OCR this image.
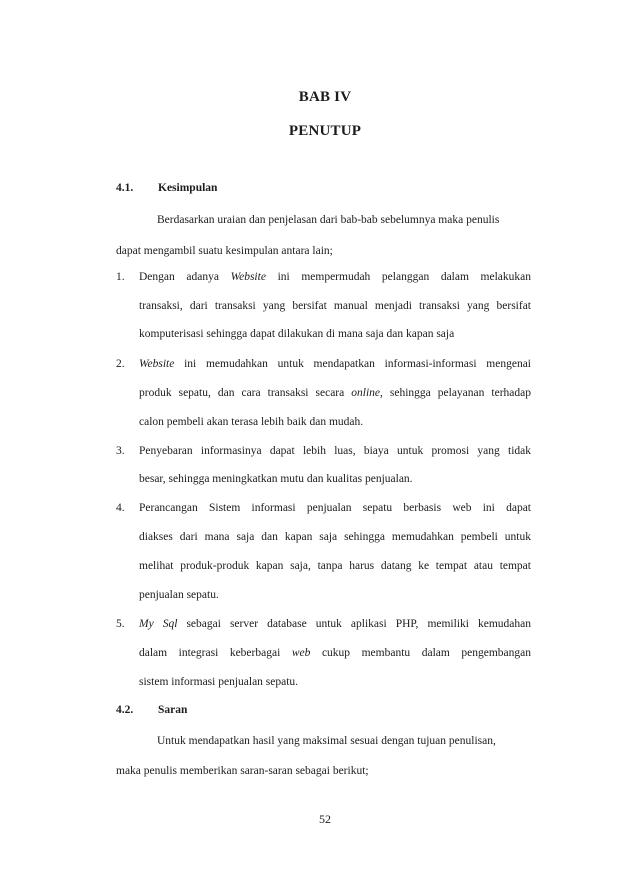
BAB IV
PENUTUP
4.1. Kesimpulan
Berdasarkan uraian dan penjelasan dari bab-bab sebelumnya maka penulis
dapat mengambil suatu kesimpulan antara lain;
1. Dengan adanya Website ini mempermudah pelanggan dalam melakukan
transaksi, dari transaksi yang bersifat manual menjadi transaksi yang bersifat
komputerisasi sehingga dapat dilakukan di mana saja dan kapan saja
2. Website ini memudahkan untuk mendapatkan informasi-informasi mengenai
produk sepatu, dan cara transaksi secara online, sehingga pelayanan terhadap
calon pembeli akan terasa lebih baik dan mudah.
3. Penyebaran informasinya dapat lebih luas, biaya untuk promosi yang tidak
besar, sehingga meningkatkan mutu dan kualitas penjualan.
4. Perancangan Sistem informasi penjualan sepatu berbasis web ini dapat
diakses dari mana saja dan kapan saja sehingga memudahkan pembeli untuk
melihat produk-produk kapan saja, tanpa harus datang ke tempat atau tempat
penjualan sepatu.
5. My Sql sebagai server database untuk aplikasi PHP, memiliki kemudahan
dalam integrasi keberbagai web cukup membantu dalam pengembangan
sistem informasi penjualan sepatu.
4.2. Saran
Untuk mendapatkan hasil yang maksimal sesuai dengan tujuan penulisan,
maka penulis memberikan saran-saran sebagai berikut;
52
